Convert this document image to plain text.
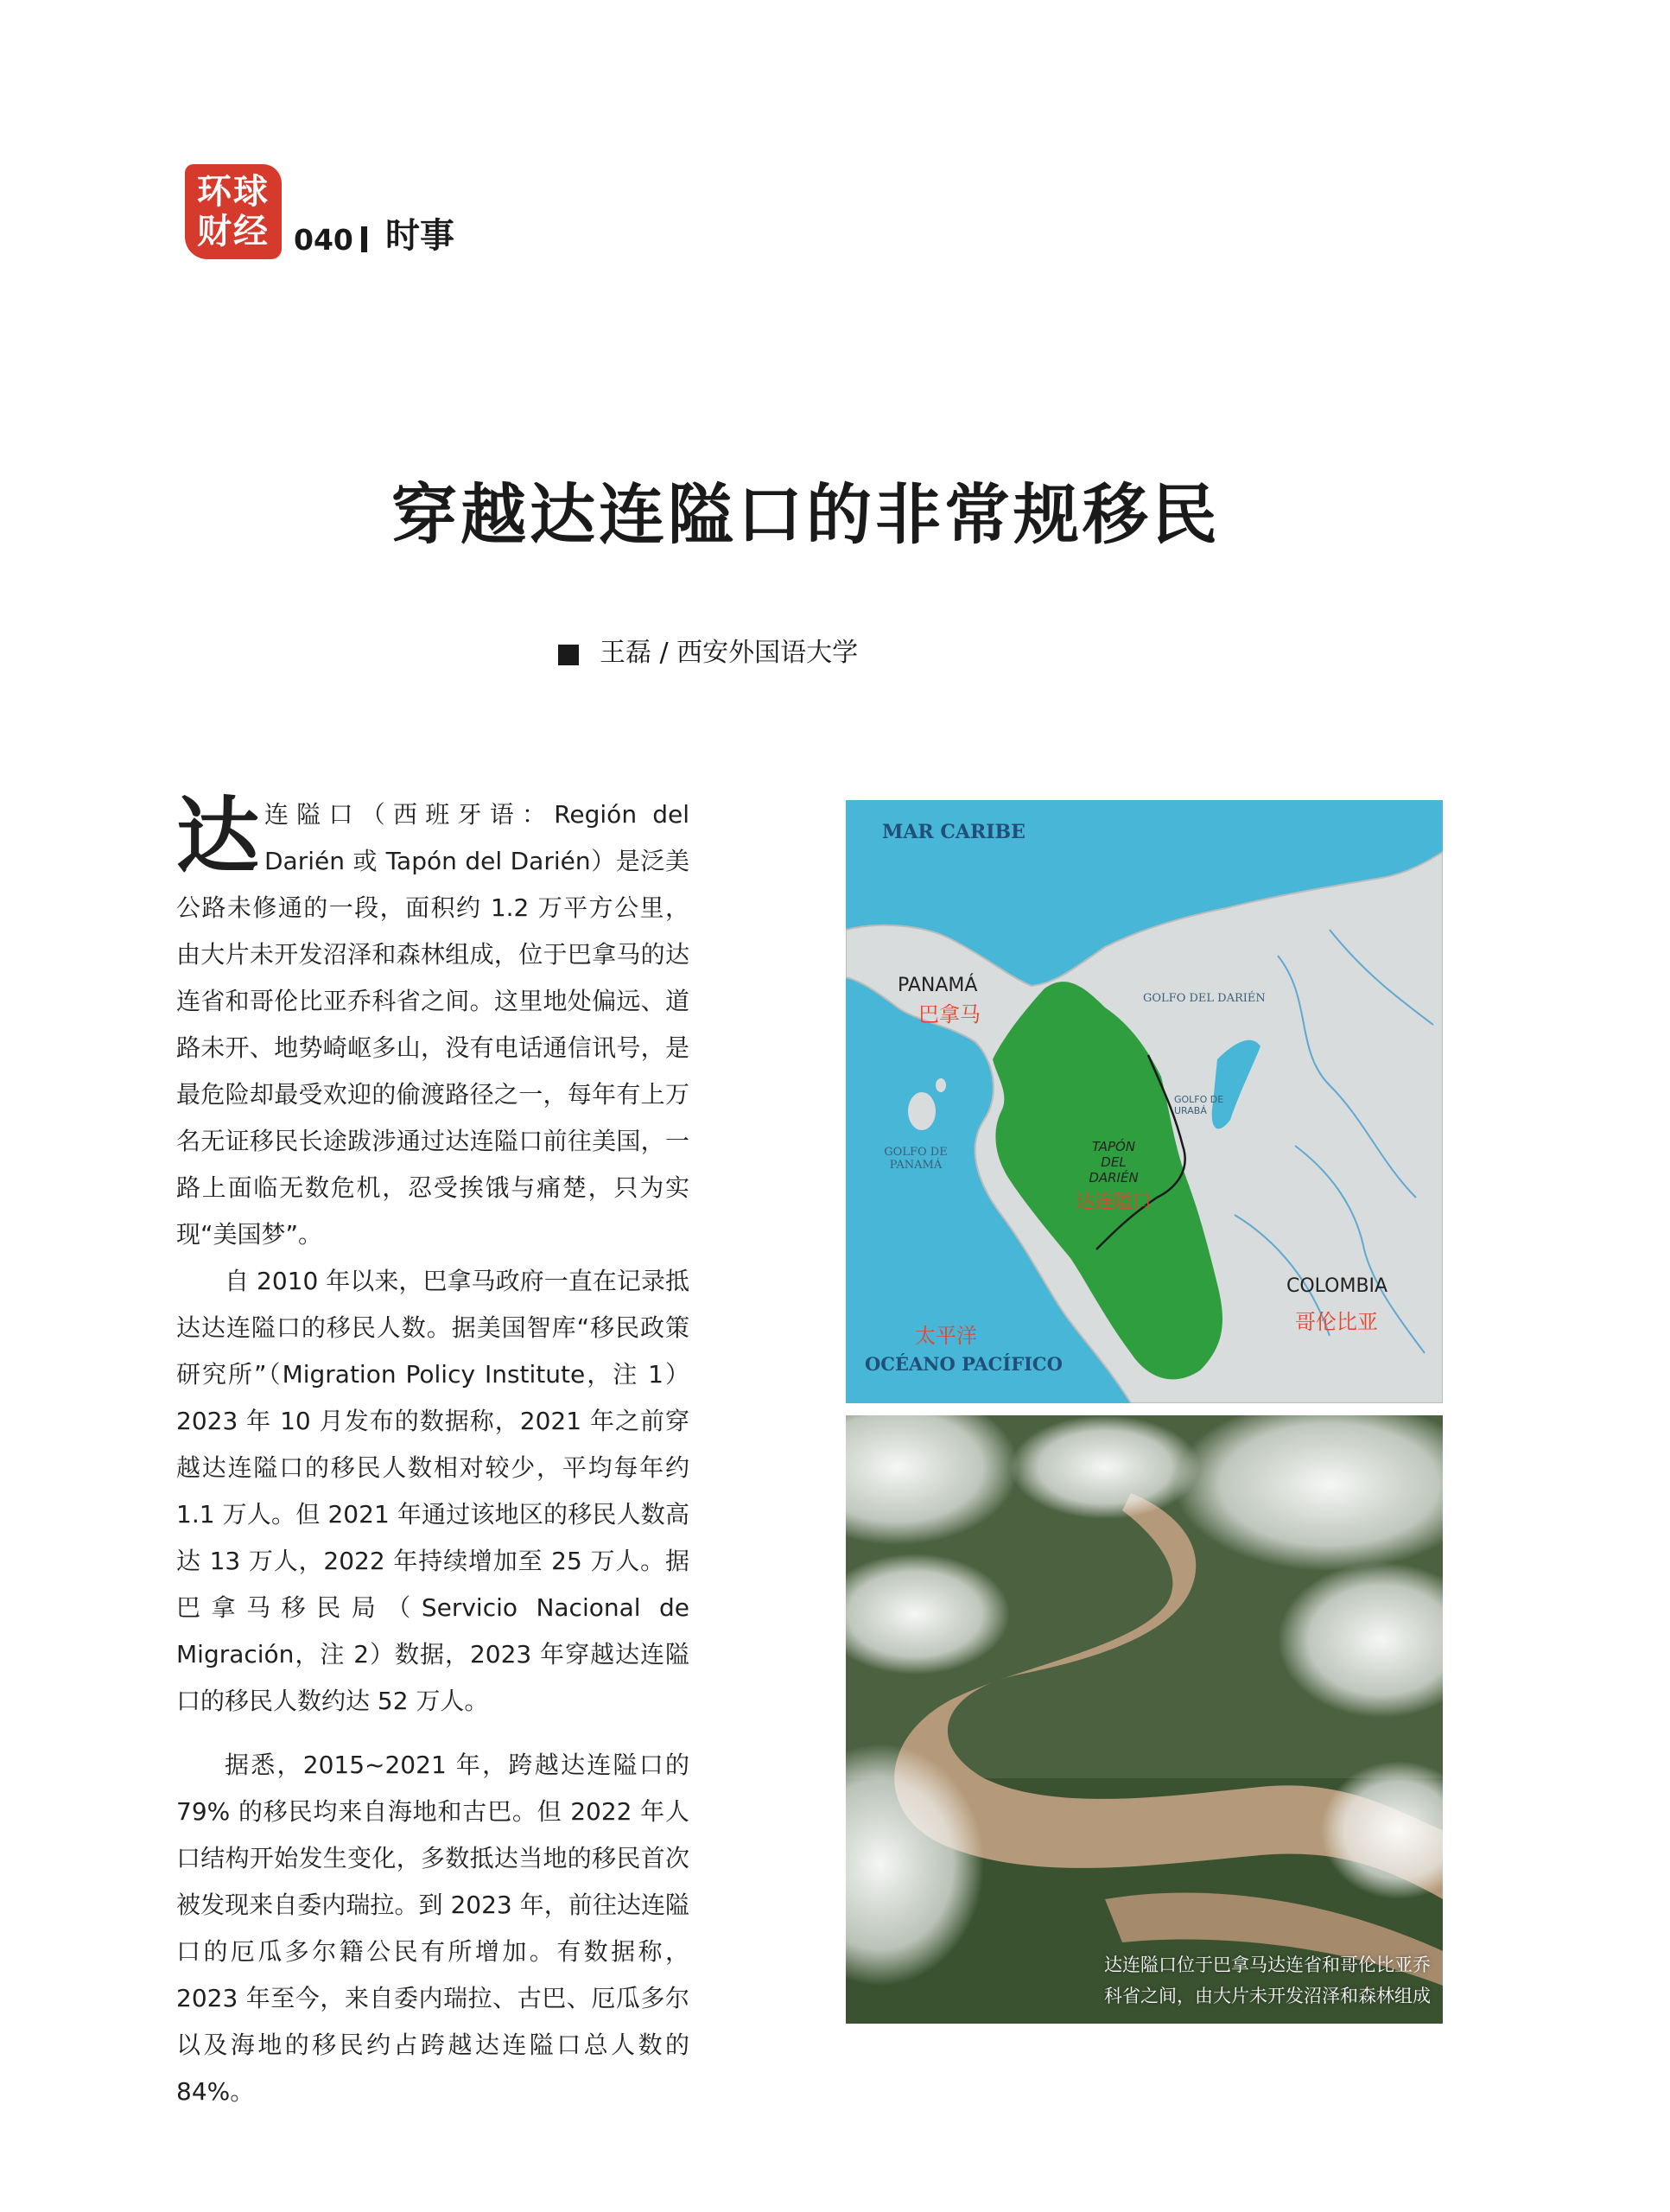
环球
财经 040 时事
穿越达连隘口的非常规移民
王磊 / 西安外国语大学

达连隘口（西班牙语：Región del Darién 或 Tapón del Darién）是泛美公路未修通的一段，面积约 1.2 万平方公里，由大片未开发沼泽和森林组成，位于巴拿马的达连省和哥伦比亚乔科省之间。这里地处偏远、道路未开、地势崎岖多山，没有电话通信讯号，是最危险却最受欢迎的偷渡路径之一，每年有上万名无证移民长途跋涉通过达连隘口前往美国，一路上面临无数危机，忍受挨饿与痛楚，只为实现“美国梦”。

自 2010 年以来，巴拿马政府一直在记录抵达达连隘口的移民人数。据美国智库“移民政策研究所”（Migration Policy Institute，注 1）2023 年 10 月发布的数据称，2021 年之前穿越达连隘口的移民人数相对较少，平均每年约 1.1 万人。但 2021 年通过该地区的移民人数高达 13 万人，2022 年持续增加至 25 万人。据巴拿马移民局（Servicio Nacional de Migración，注 2）数据，2023 年穿越达连隘口的移民人数约达 52 万人。

据悉，2015~2021 年，跨越达连隘口的 79% 的移民均来自海地和古巴。但 2022 年人口结构开始发生变化，多数抵达当地的移民首次被发现来自委内瑞拉。到 2023 年，前往达连隘口的厄瓜多尔籍公民有所增加。有数据称，2023 年至今，来自委内瑞拉、古巴、厄瓜多尔以及海地的移民约占跨越达连隘口总人数的 84%。

MAR CARIBE
GOLFO DEL DARIÉN
PANAMÁ
巴拿马
GOLFO DE URABÁ
GOLFO DE PANAMÁ
TAPÓN DEL DARIÉN
达连隘口
COLOMBIA
哥伦比亚
太平洋
OCÉANO PACÍFICO
达连隘口位于巴拿马达连省和哥伦比亚乔
科省之间，由大片未开发沼泽和森林组成
